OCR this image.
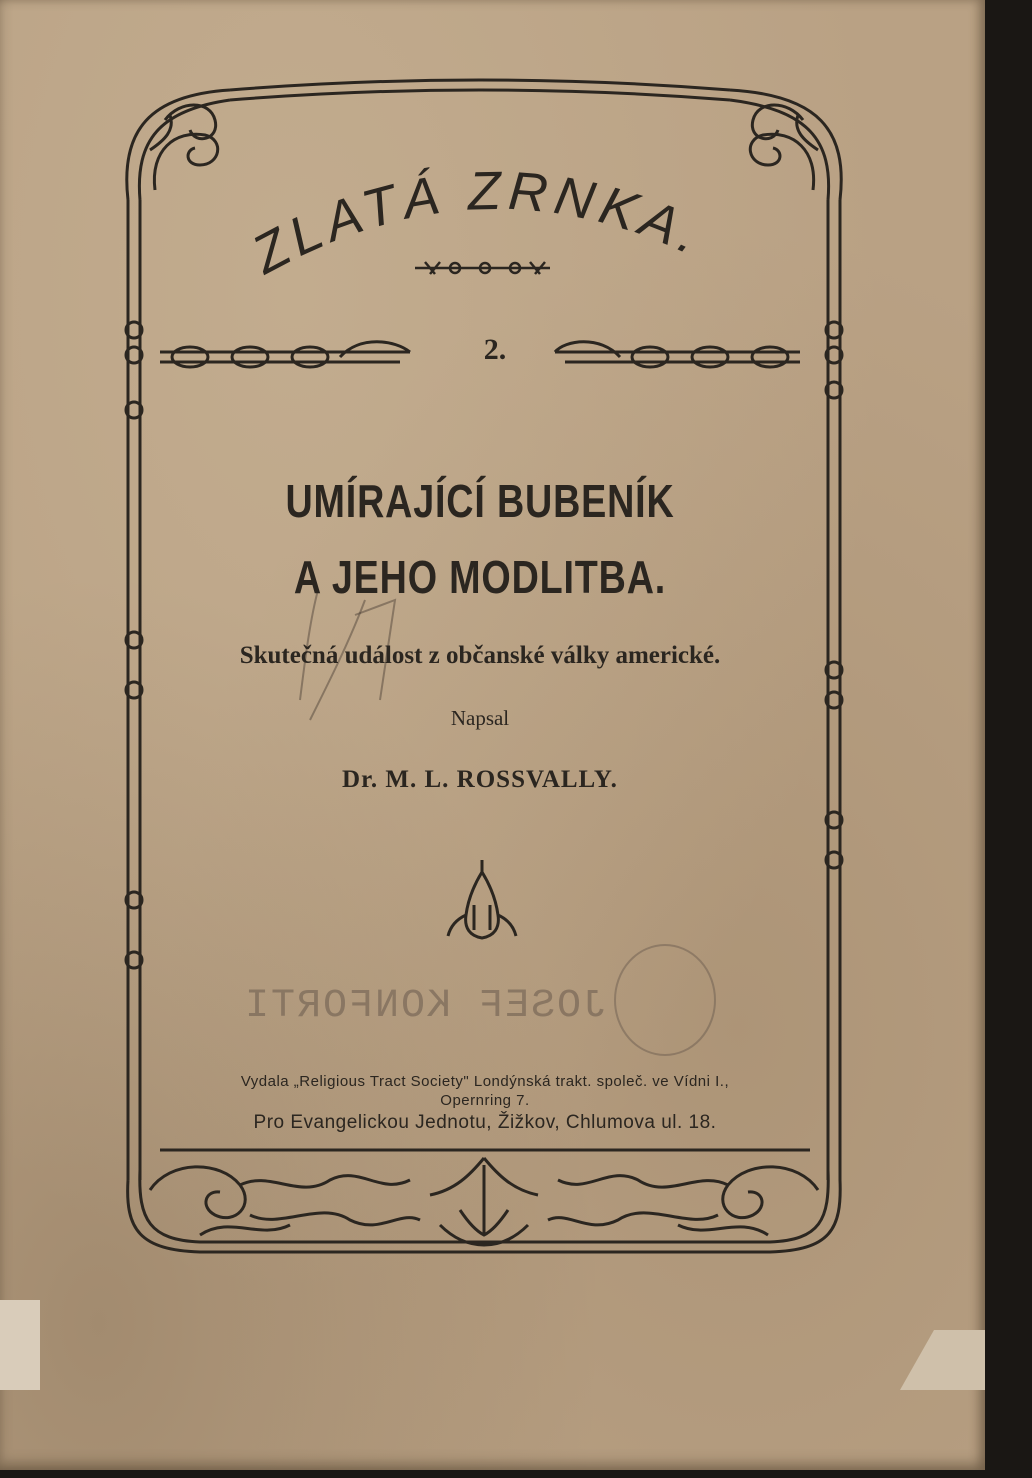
ZLATÁ ZRNKA.
2.
UMÍRAJÍCÍ BUBENÍK
A JEHO MODLITBA.
Skutečná událost z občanské války americké.
Napsal
Dr. M. L. ROSSVALLY.
JOSEF KONFORTI
Vydala „Religious Tract Society" Londýnská trakt. společ. ve Vídni I.,
Opernring 7.
Pro Evangelickou Jednotu, Žižkov, Chlumova ul. 18.
